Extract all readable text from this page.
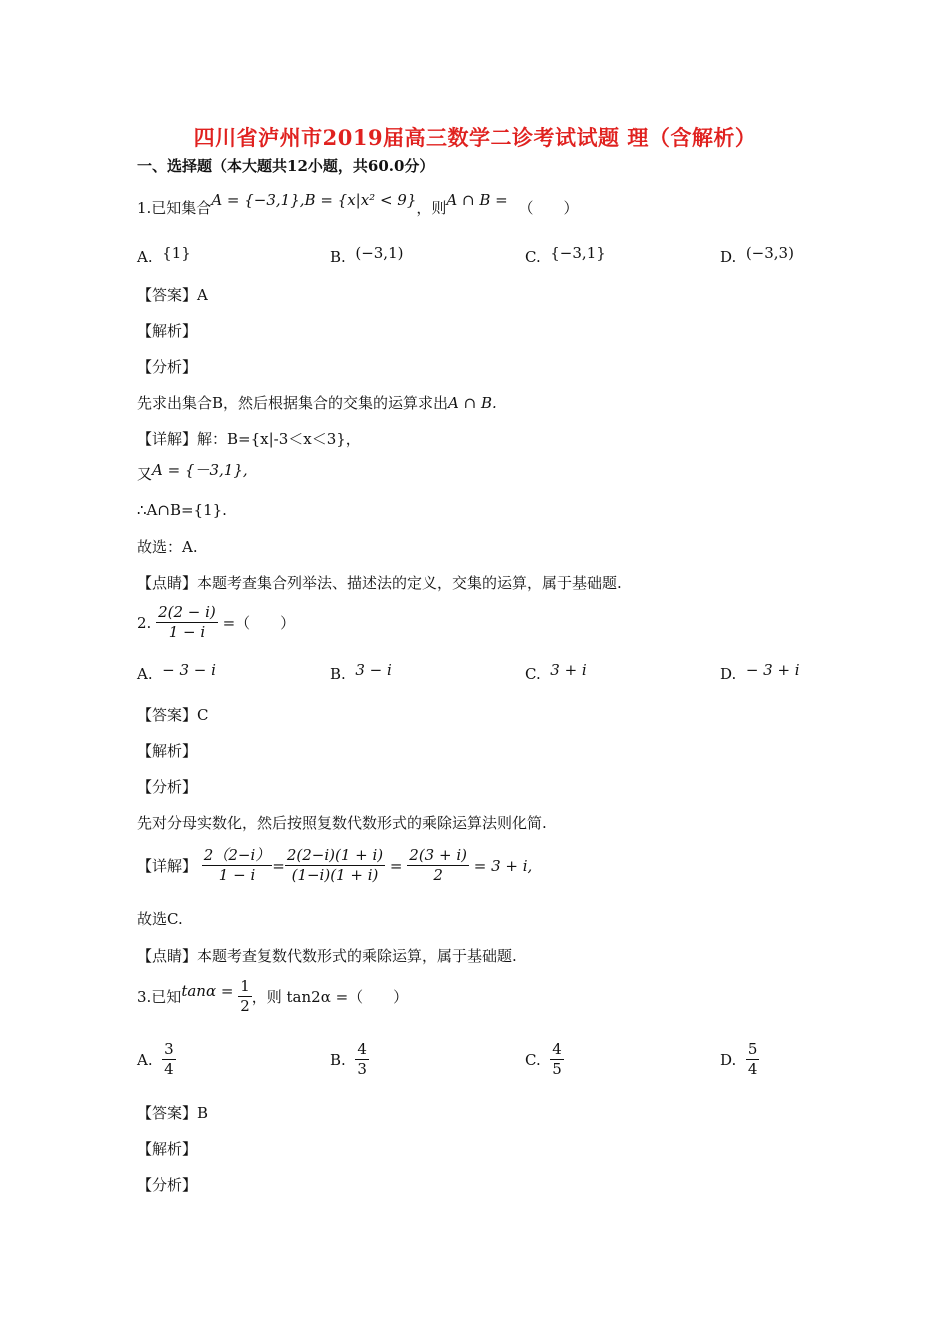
四川省泸州市2019届高三数学二诊考试试题 理（含解析）
一、选择题（本大题共12小题，共60.0分）
1.已知集合A = {−3,1},B = {x|x² < 9}，则A ∩ B = （　　）
A. {1}	B. (−3,1)	C. {−3,1}	D. (−3,3)
【答案】A
【解析】
【分析】
先求出集合B，然后根据集合的交集的运算求出A ∩ B.
【详解】解：B={x|-3＜x＜3}，
又A = {－3,1},
∴A∩B={1}.
故选：A.
【点睛】本题考查集合列举法、描述法的定义，交集的运算，属于基础题.
2. $\frac{2(2 - i)}{1 - i}$ =（　　）
A. − 3 − i	B. 3 − i	C. 3 + i	D. − 3 + i
【答案】C
【解析】
【分析】
先对分母实数化，然后按照复数代数形式的乘除运算法则化简.
【详解】 $\frac{2(2-i)}{1 - i} = \frac{2(2-i)(1 + i)}{(1-i)(1 + i)} = \frac{2(3 + i)}{2} = 3 + i$,
故选C.
【点睛】本题考查复数代数形式的乘除运算，属于基础题.
3.已知$\tan\alpha = \frac{1}{2}$ ，则 tan2α =（　　）
A. $\frac{3}{4}$	B. $\frac{4}{3}$	C. $\frac{4}{5}$	D. $\frac{5}{4}$
【答案】B
【解析】
【分析】
